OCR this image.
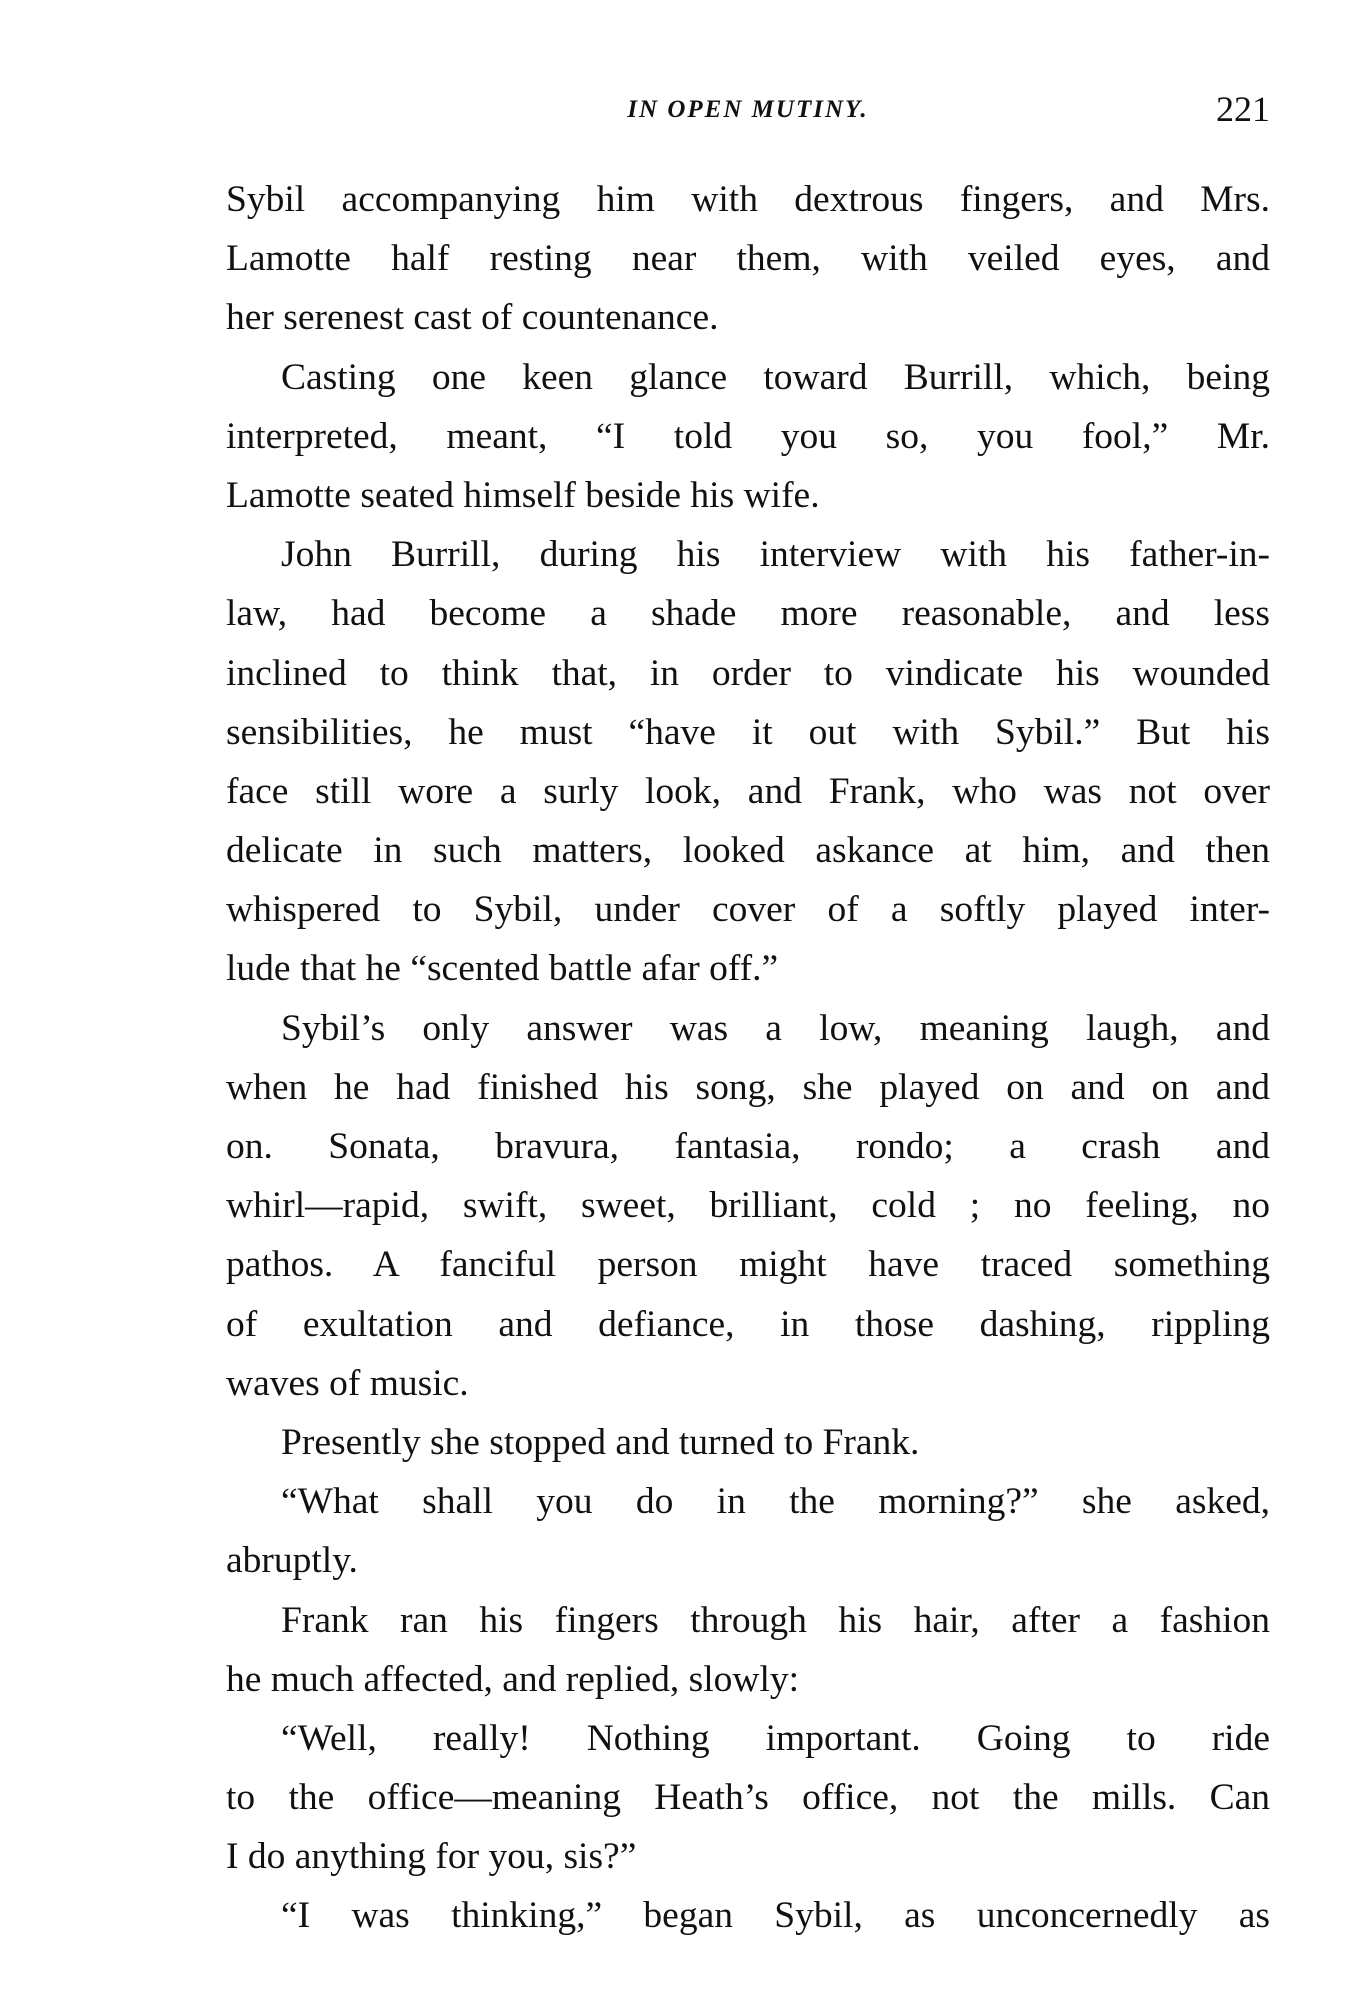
IN OPEN MUTINY.	221
Sybil accompanying him with dextrous fingers, and Mrs.
Lamotte half resting near them, with veiled eyes, and
her serenest cast of countenance.
Casting one keen glance toward Burrill, which, being
interpreted, meant, “I told you so, you fool,” Mr.
Lamotte seated himself beside his wife.
John Burrill, during his interview with his father-in-
law, had become a shade more reasonable, and less
inclined to think that, in order to vindicate his wounded
sensibilities, he must “have it out with Sybil.” But his
face still wore a surly look, and Frank, who was not over
delicate in such matters, looked askance at him, and then
whispered to Sybil, under cover of a softly played inter-
lude that he “scented battle afar off.”
Sybil’s only answer was a low, meaning laugh, and
when he had finished his song, she played on and on and
on. Sonata, bravura, fantasia, rondo; a crash and
whirl—rapid, swift, sweet, brilliant, cold ; no feeling, no
pathos. A fanciful person might have traced something
of exultation and defiance, in those dashing, rippling
waves of music.
Presently she stopped and turned to Frank.
“What shall you do in the morning?” she asked,
abruptly.
Frank ran his fingers through his hair, after a fashion
he much affected, and replied, slowly:
“Well, really! Nothing important. Going to ride
to the office—meaning Heath’s office, not the mills. Can
I do anything for you, sis?”
“I was thinking,” began Sybil, as unconcernedly as
